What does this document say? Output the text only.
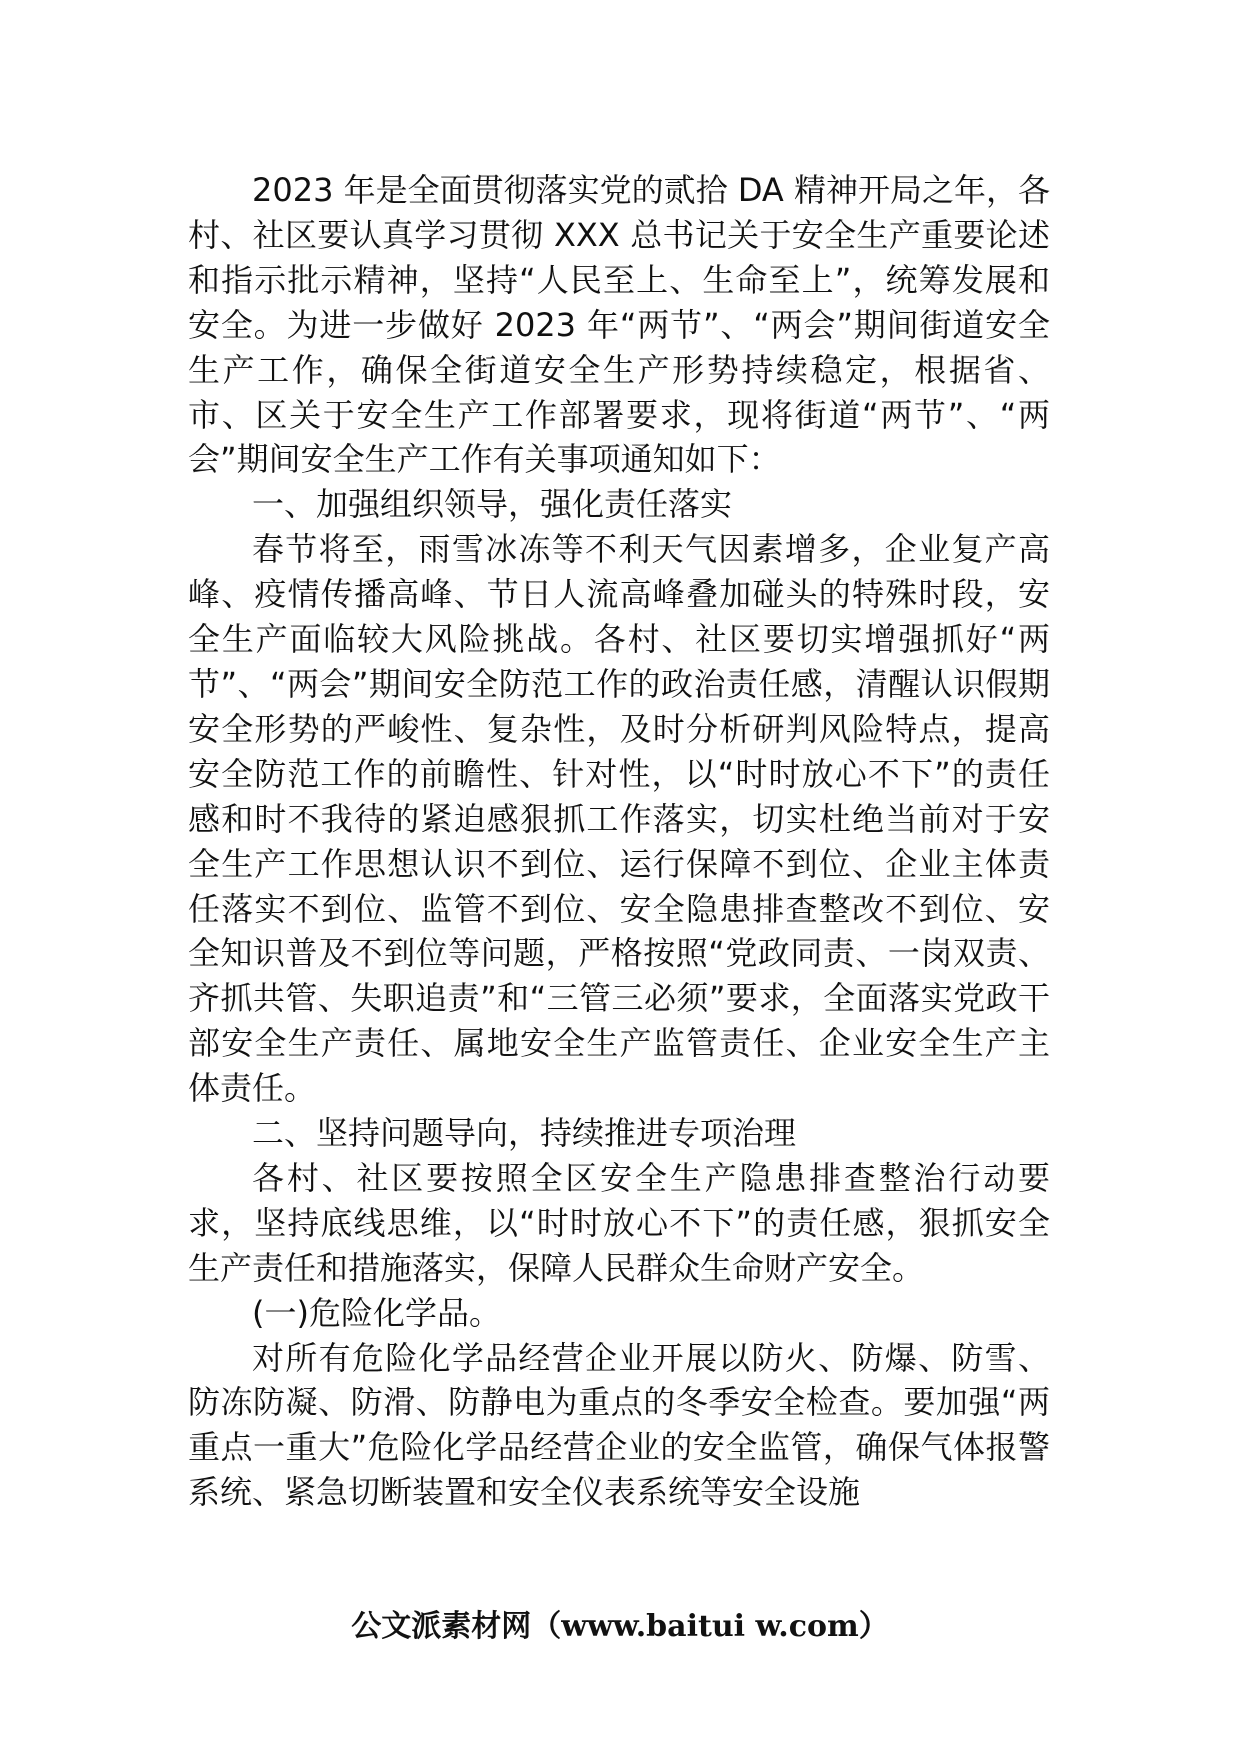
2023 年是全面贯彻落实党的贰拾 DA 精神开局之年，各村、社区要认真学习贯彻 XXX 总书记关于安全生产重要论述和指示批示精神，坚持“人民至上、生命至上”，统筹发展和安全。为进一步做好 2023 年“两节”、“两会”期间街道安全生产工作，确保全街道安全生产形势持续稳定，根据省、市、区关于安全生产工作部署要求，现将街道“两节”、“两会”期间安全生产工作有关事项通知如下：

一、加强组织领导，强化责任落实

春节将至，雨雪冰冻等不利天气因素增多，企业复产高峰、疫情传播高峰、节日人流高峰叠加碰头的特殊时段，安全生产面临较大风险挑战。各村、社区要切实增强抓好“两节”、“两会”期间安全防范工作的政治责任感，清醒认识假期安全形势的严峻性、复杂性，及时分析研判风险特点，提高安全防范工作的前瞻性、针对性，以“时时放心不下”的责任感和时不我待的紧迫感狠抓工作落实，切实杜绝当前对于安全生产工作思想认识不到位、运行保障不到位、企业主体责任落实不到位、监管不到位、安全隐患排查整改不到位、安全知识普及不到位等问题，严格按照“党政同责、一岗双责、齐抓共管、失职追责”和“三管三必须”要求，全面落实党政干部安全生产责任、属地安全生产监管责任、企业安全生产主体责任。

二、坚持问题导向，持续推进专项治理

各村、社区要按照全区安全生产隐患排查整治行动要求，坚持底线思维，以“时时放心不下”的责任感，狠抓安全生产责任和措施落实，保障人民群众生命财产安全。

(一)危险化学品。

对所有危险化学品经营企业开展以防火、防爆、防雪、防冻防凝、防滑、防静电为重点的冬季安全检查。要加强“两重点一重大”危险化学品经营企业的安全监管，确保气体报警系统、紧急切断装置和安全仪表系统等安全设施

公文派素材网（www.baitui w.com）
